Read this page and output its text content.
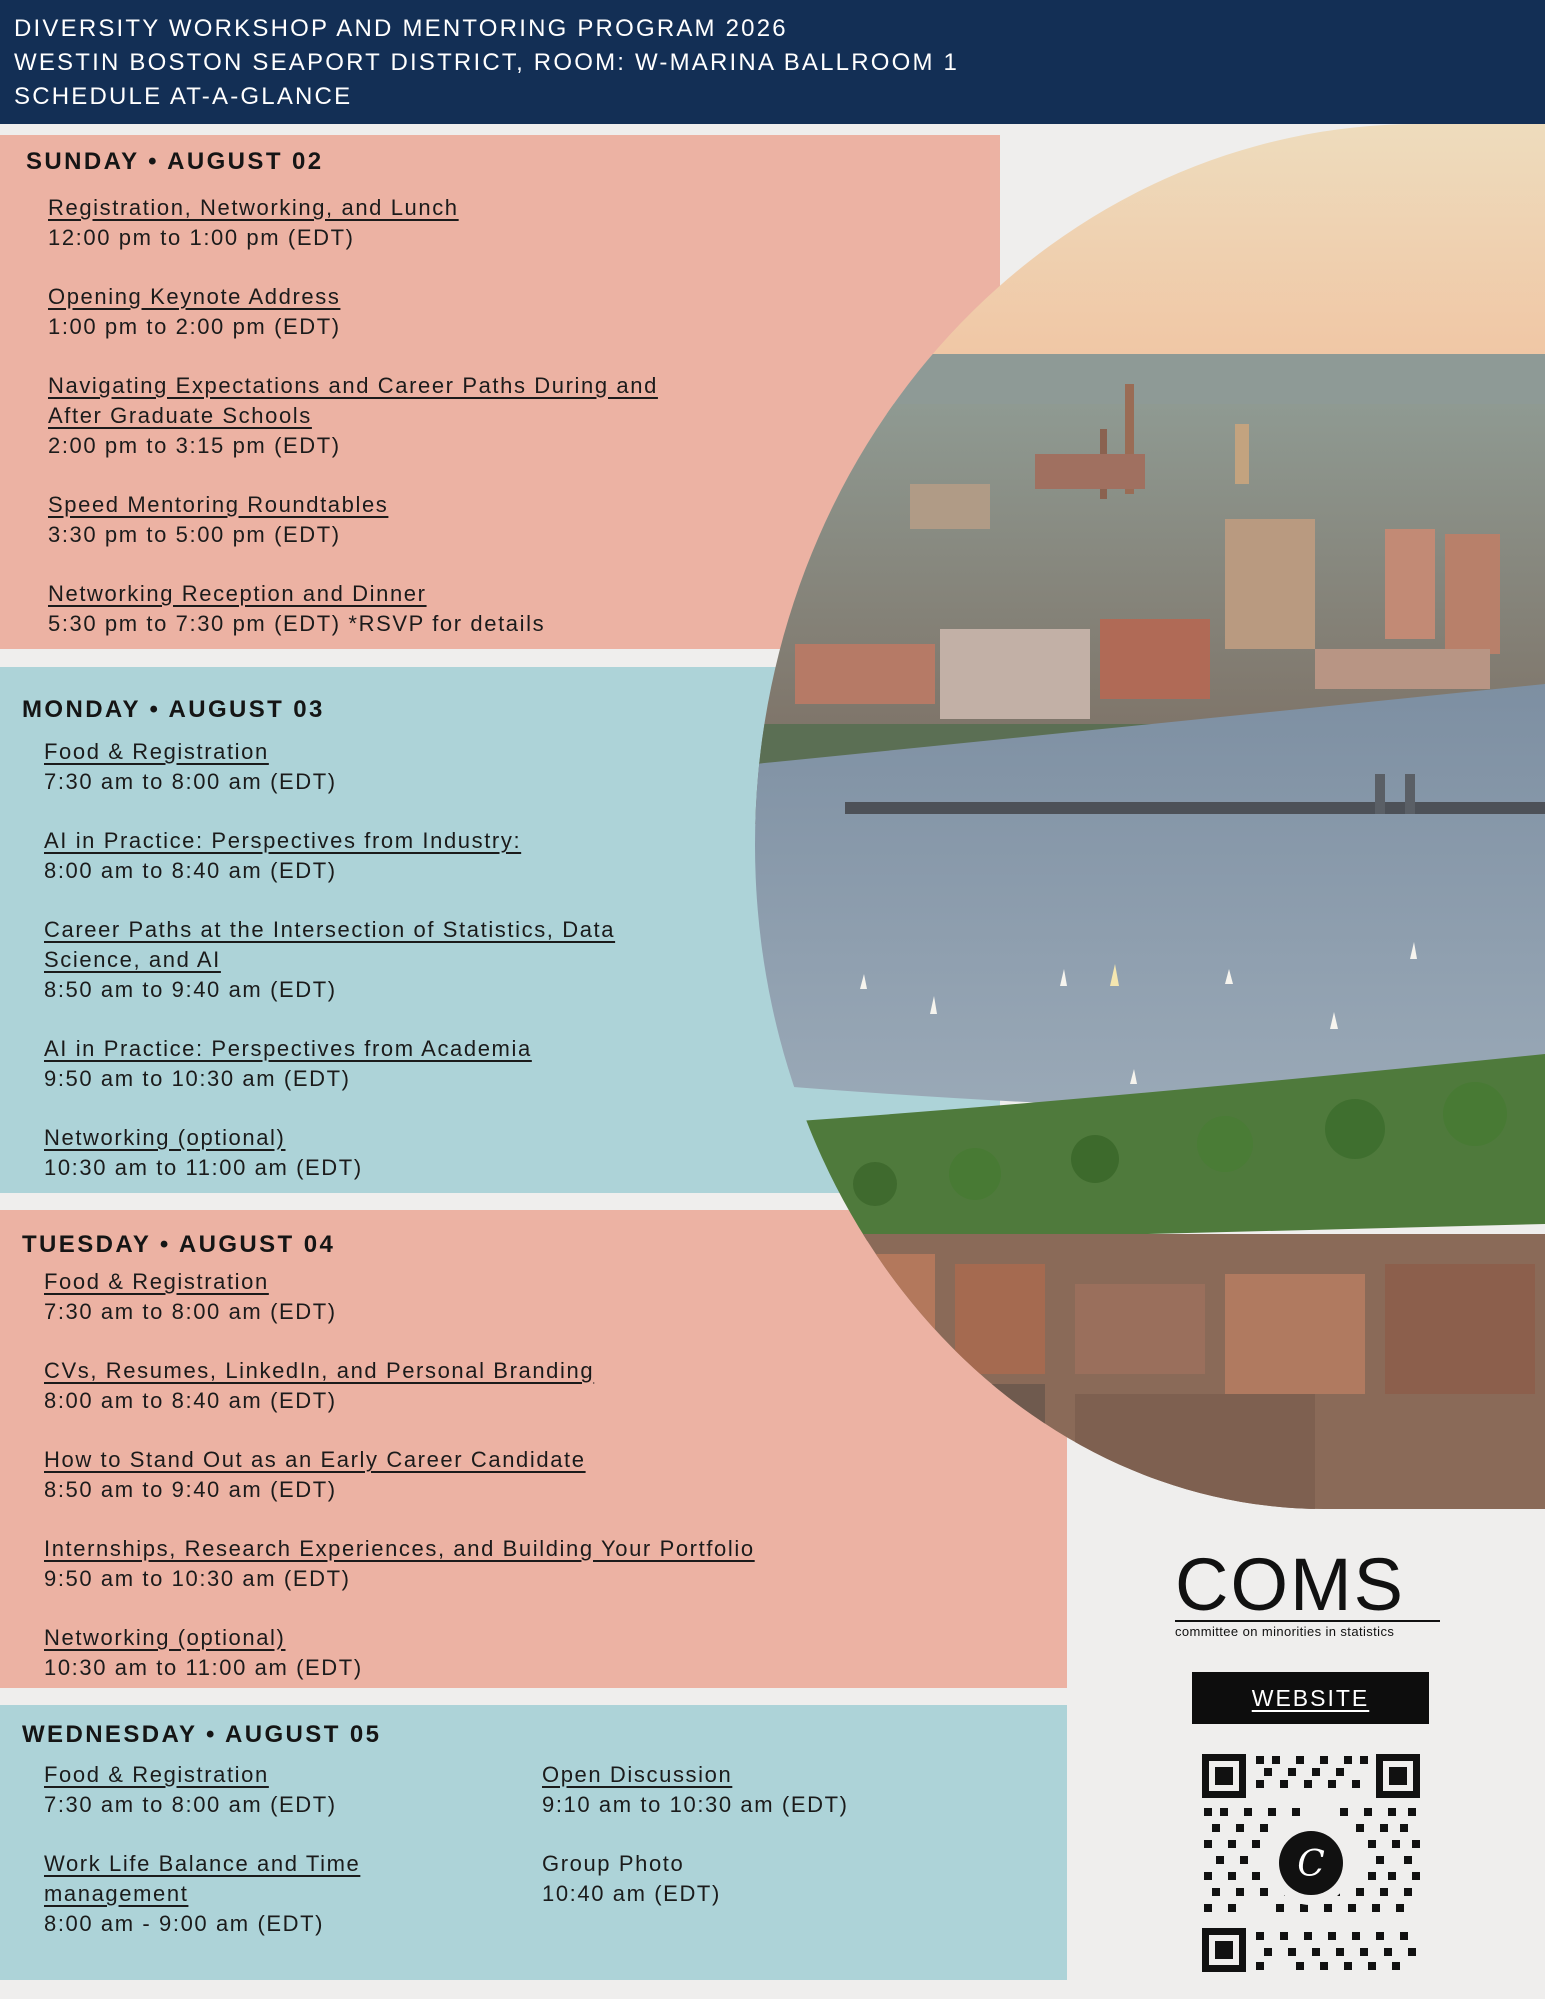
DIVERSITY WORKSHOP AND MENTORING PROGRAM 2026
WESTIN BOSTON SEAPORT DISTRICT, ROOM: W-MARINA BALLROOM 1
SCHEDULE AT-A-GLANCE
SUNDAY • AUGUST 02
Registration, Networking, and Lunch
12:00 pm to 1:00 pm (EDT)
Opening Keynote Address
1:00 pm to 2:00 pm (EDT)
Navigating Expectations and Career Paths During and
After Graduate Schools
2:00 pm to 3:15 pm (EDT)
Speed Mentoring Roundtables
3:30 pm to 5:00 pm (EDT)
Networking Reception and Dinner
5:30 pm to 7:30 pm (EDT) *RSVP for details
MONDAY • AUGUST 03
Food & Registration
7:30 am to 8:00 am (EDT)
AI in Practice: Perspectives from Industry:
8:00 am to 8:40 am (EDT)
Career Paths at the Intersection of Statistics, Data
Science, and AI
8:50 am to 9:40 am (EDT)
AI in Practice: Perspectives from Academia
9:50 am to 10:30 am (EDT)
Networking (optional)
10:30 am to 11:00 am (EDT)
TUESDAY • AUGUST 04
Food & Registration
7:30 am to 8:00 am (EDT)
CVs, Resumes, LinkedIn, and Personal Branding
8:00 am to 8:40 am (EDT)
How to Stand Out as an Early Career Candidate
8:50 am to 9:40 am (EDT)
Internships, Research Experiences, and Building Your Portfolio
9:50 am to 10:30 am (EDT)
Networking (optional)
10:30 am to 11:00 am (EDT)
WEDNESDAY • AUGUST 05
Food & Registration
7:30 am to 8:00 am (EDT)
Work Life Balance and Time
management
8:00 am - 9:00 am (EDT)
Open Discussion
9:10 am to 10:30 am (EDT)
Group Photo
10:40 am (EDT)
COMS
committee on minorities in statistics
WEBSITE
C
